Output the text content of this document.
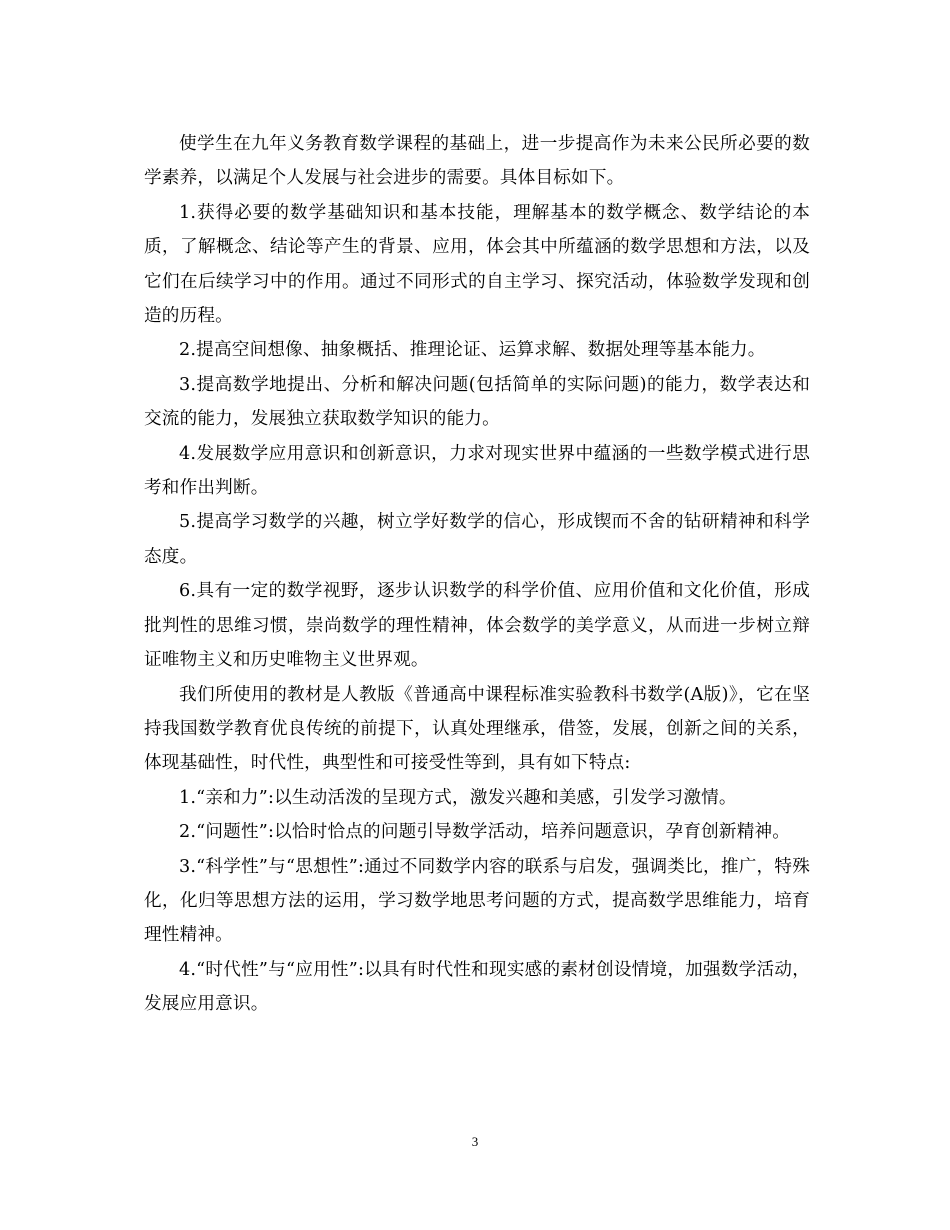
使学生在九年义务教育数学课程的基础上，进一步提高作为未来公民所必要的数学素养，以满足个人发展与社会进步的需要。具体目标如下。

1.获得必要的数学基础知识和基本技能，理解基本的数学概念、数学结论的本质，了解概念、结论等产生的背景、应用，体会其中所蕴涵的数学思想和方法，以及它们在后续学习中的作用。通过不同形式的自主学习、探究活动，体验数学发现和创造的历程。

2.提高空间想像、抽象概括、推理论证、运算求解、数据处理等基本能力。

3.提高数学地提出、分析和解决问题(包括简单的实际问题)的能力，数学表达和交流的能力，发展独立获取数学知识的能力。

4.发展数学应用意识和创新意识，力求对现实世界中蕴涵的一些数学模式进行思考和作出判断。

5.提高学习数学的兴趣，树立学好数学的信心，形成锲而不舍的钻研精神和科学态度。

6.具有一定的数学视野，逐步认识数学的科学价值、应用价值和文化价值，形成批判性的思维习惯，崇尚数学的理性精神，体会数学的美学意义，从而进一步树立辩证唯物主义和历史唯物主义世界观。

我们所使用的教材是人教版《普通高中课程标准实验教科书数学(A版)》，它在坚持我国数学教育优良传统的前提下，认真处理继承，借签，发展，创新之间的关系，体现基础性，时代性，典型性和可接受性等到，具有如下特点:

1.“亲和力”:以生动活泼的呈现方式，激发兴趣和美感，引发学习激情。

2.“问题性”:以恰时恰点的问题引导数学活动，培养问题意识，孕育创新精神。

3.“科学性”与“思想性”:通过不同数学内容的联系与启发，强调类比，推广，特殊化，化归等思想方法的运用，学习数学地思考问题的方式，提高数学思维能力，培育理性精神。

4.“时代性”与“应用性”:以具有时代性和现实感的素材创设情境，加强数学活动，发展应用意识。

3
